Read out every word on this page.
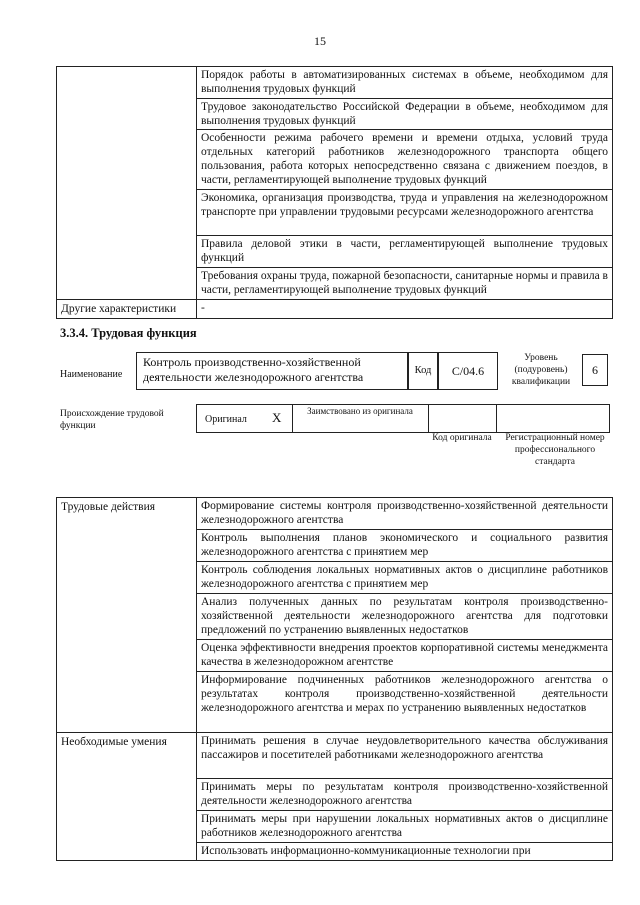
15

	Порядок работы в автоматизированных системах в объеме, необходимом для выполнения трудовых функций

	Трудовое законодательство Российской Федерации в объеме, необходимом для выполнения трудовых функций

	Особенности режима рабочего времени и времени отдыха, условий труда отдельных категорий работников железнодорожного транспорта общего пользования, работа которых непосредственно связана с движением поездов, в части, регламентирующей выполнение трудовых функций

	Экономика, организация производства, труда и управления на железнодорожном транспорте при управлении трудовыми ресурсами железнодорожного агентства

	Правила деловой этики в части, регламентирующей выполнение трудовых функций

	Требования охраны труда, пожарной безопасности, санитарные нормы и правила в части, регламентирующей выполнение трудовых функций

Другие характеристики	-
3.3.4. Трудовая функция
Наименование
Контроль производственно-хозяйственной деятельности железнодорожного агентства	Код	C/04.6
Уровень (подуровень) квалификации
6
Происхождение трудовой функции
Оригинал X	Заимствовано из оригинала
Код оригинала	Регистрационный номер профессионального стандарта
Трудовые действия	Формирование системы контроля производственно-хозяйственной деятельности железнодорожного агентства

	Контроль выполнения планов экономического и социального развития железнодорожного агентства с принятием мер

	Контроль соблюдения локальных нормативных актов о дисциплине работников железнодорожного агентства с принятием мер

	Анализ полученных данных по результатам контроля производственно-хозяйственной деятельности железнодорожного агентства для подготовки предложений по устранению выявленных недостатков

	Оценка эффективности внедрения проектов корпоративной системы менеджмента качества в железнодорожном агентстве

	Информирование подчиненных работников железнодорожного агентства о результатах контроля производственно-хозяйственной деятельности железнодорожного агентства и мерах по устранению выявленных недостатков

Необходимые умения	Принимать решения в случае неудовлетворительного качества обслуживания пассажиров и посетителей работниками железнодорожного агентства

	Принимать меры по результатам контроля производственно-хозяйственной деятельности железнодорожного агентства

	Принимать меры при нарушении локальных нормативных актов о дисциплине работников железнодорожного агентства

	Использовать информационно-коммуникационные технологии при
